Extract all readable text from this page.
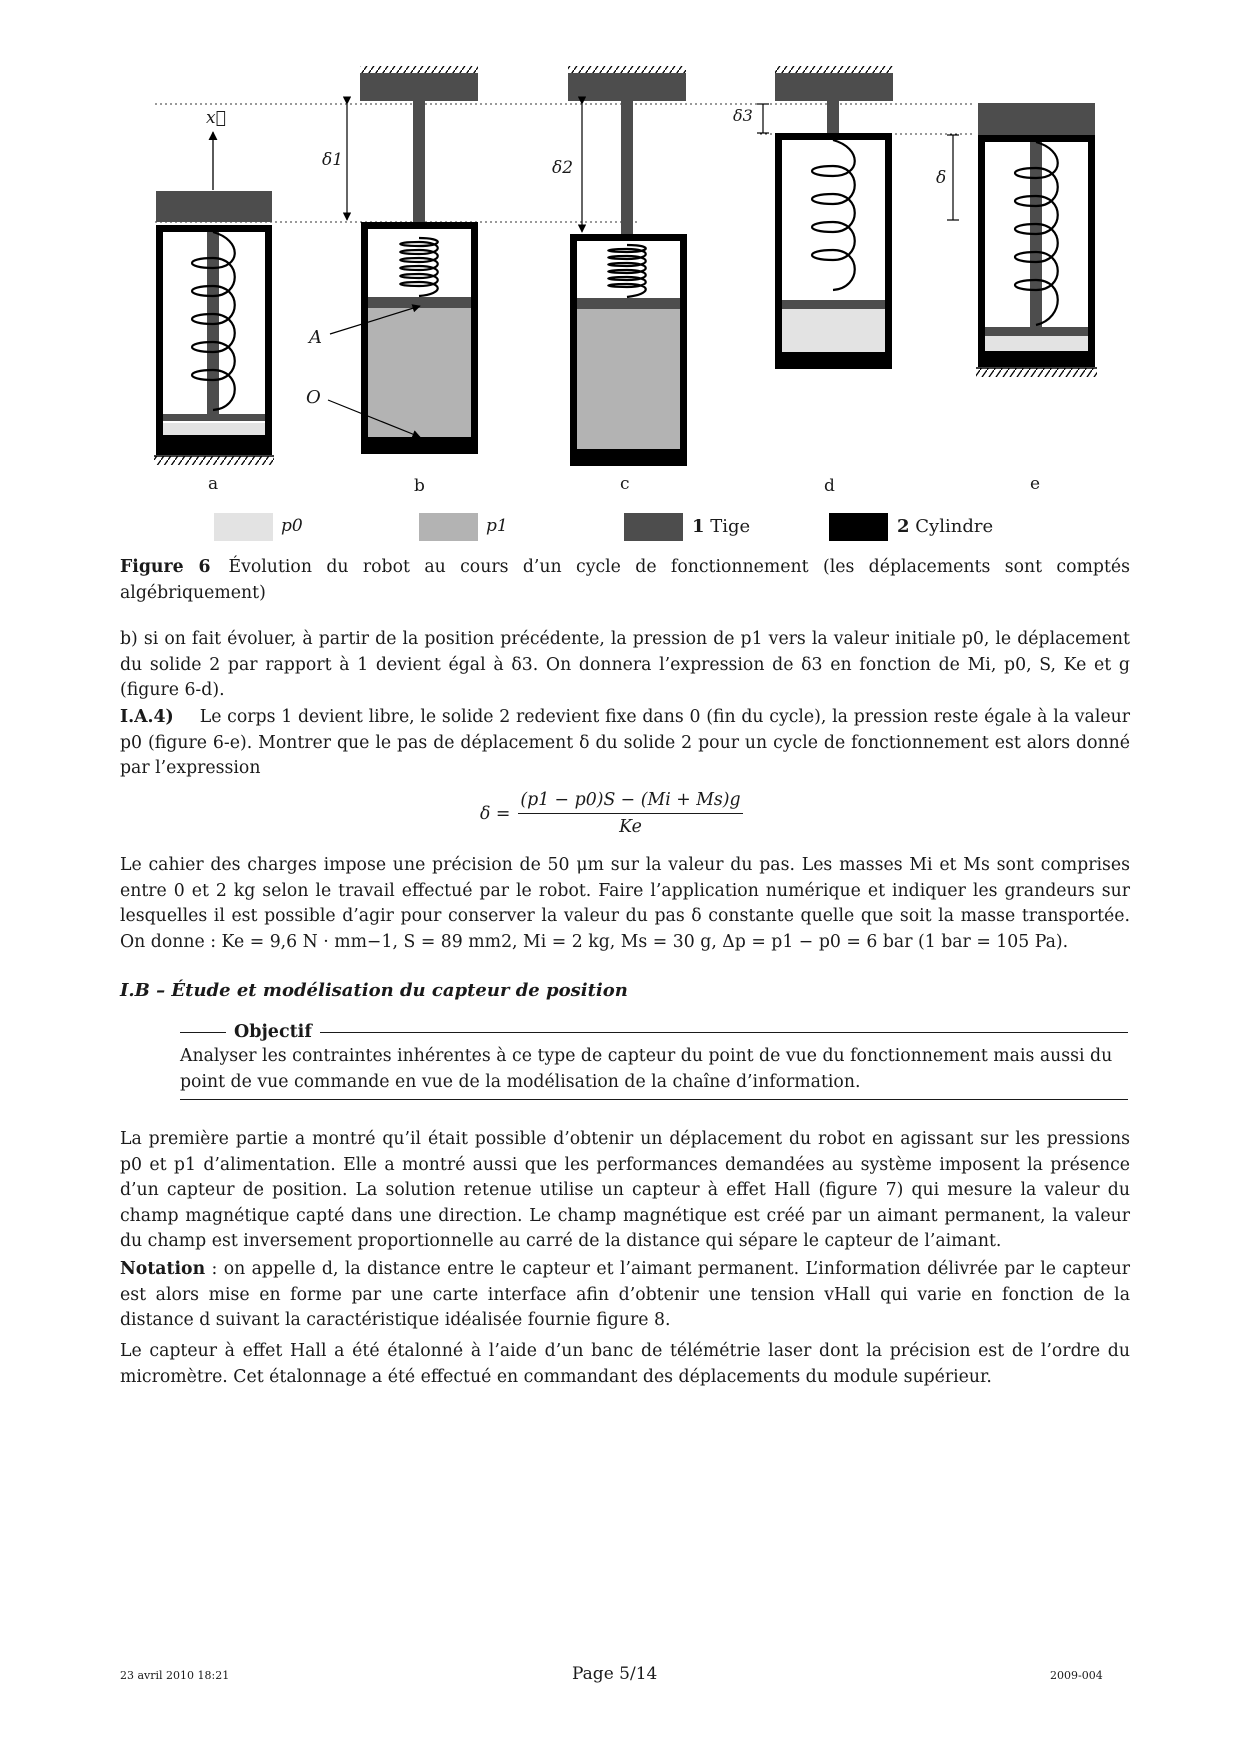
x⃗
δ1	δ2
δ3
δ
A
O
a	b	c	d	e
p0	p1	1 Tige	2 Cylindre

Figure 6 Évolution du robot au cours d’un cycle de fonctionnement (les déplacements sont comptés algébriquement)

b) si on fait évoluer, à partir de la position précédente, la pression de p1 vers la valeur initiale p0, le déplacement du solide 2 par rapport à 1 devient égal à δ3. On donnera l’expression de δ3 en fonction de Mi, p0, S, Ke et g (figure 6-d).

I.A.4) Le corps 1 devient libre, le solide 2 redevient fixe dans 0 (fin du cycle), la pression reste égale à la valeur p0 (figure 6-e). Montrer que le pas de déplacement δ du solide 2 pour un cycle de fonctionnement est alors donné par l’expression

$\delta = \frac{(p1 - p0)S - (Mi + Ms)g}{Ke}$

Le cahier des charges impose une précision de 50 μm sur la valeur du pas. Les masses Mi et Ms sont comprises entre 0 et 2 kg selon le travail effectué par le robot. Faire l’application numérique et indiquer les grandeurs sur lesquelles il est possible d’agir pour conserver la valeur du pas δ constante quelle que soit la masse transportée. On donne : Ke = 9,6 N · mm−1, S = 89 mm2, Mi = 2 kg, Ms = 30 g, Δp = p1 − p0 = 6 bar (1 bar = 105 Pa).

I.B – Étude et modélisation du capteur de position
Objectif
Analyser les contraintes inhérentes à ce type de capteur du point de vue du fonctionnement mais aussi du point de vue commande en vue de la modélisation de la chaîne d’information.

La première partie a montré qu’il était possible d’obtenir un déplacement du robot en agissant sur les pressions p0 et p1 d’alimentation. Elle a montré aussi que les performances demandées au système imposent la présence d’un capteur de position. La solution retenue utilise un capteur à effet Hall (figure 7) qui mesure la valeur du champ magnétique capté dans une direction. Le champ magnétique est créé par un aimant permanent, la valeur du champ est inversement proportionnelle au carré de la distance qui sépare le capteur de l’aimant.

Notation : on appelle d, la distance entre le capteur et l’aimant permanent. L’information délivrée par le capteur est alors mise en forme par une carte interface afin d’obtenir une tension vHall qui varie en fonction de la distance d suivant la caractéristique idéalisée fournie figure 8.

Le capteur à effet Hall a été étalonné à l’aide d’un banc de télémétrie laser dont la précision est de l’ordre du micromètre. Cet étalonnage a été effectué en commandant des déplacements du module supérieur.

23 avril 2010 18:21	Page 5/14	2009-004
